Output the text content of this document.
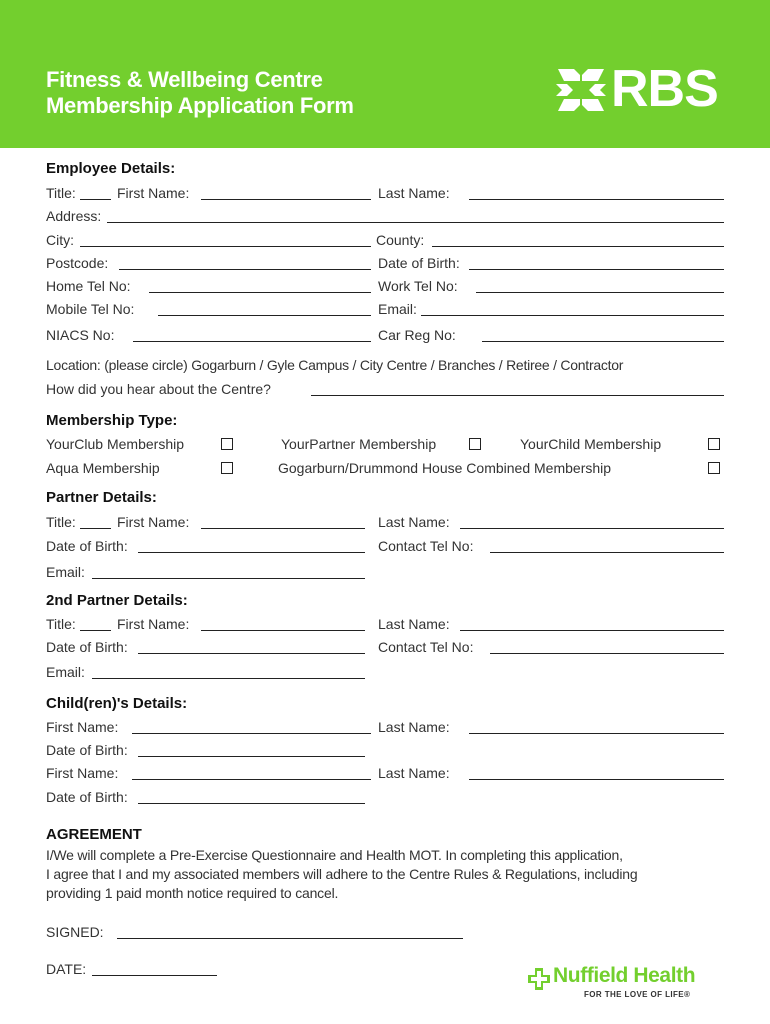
Fitness & Wellbeing Centre
Membership Application Form	RBS
Employee Details:
Title:	First Name:	Last Name:
Address:
City:	County:
Postcode:	Date of Birth:
Home Tel No:	Work Tel No:
Mobile Tel No:	Email:
NIACS No:	Car Reg No:
Location: (please circle) Gogarburn / Gyle Campus / City Centre / Branches / Retiree / Contractor
How did you hear about the Centre?
Membership Type:
YourClub Membership	YourPartner Membership	YourChild Membership
Aqua Membership	Gogarburn/Drummond House Combined Membership
Partner Details:
Title:	First Name:	Last Name:
Date of Birth:	Contact Tel No:
Email:
2nd Partner Details:
Title:	First Name:	Last Name:
Date of Birth:	Contact Tel No:
Email:
Child(ren)'s Details:
First Name:	Last Name:
Date of Birth:
First Name:	Last Name:
Date of Birth:
AGREEMENT
I/We will complete a Pre-Exercise Questionnaire and Health MOT. In completing this application,
I agree that I and my associated members will adhere to the Centre Rules & Regulations, including
providing 1 paid month notice required to cancel.
SIGNED:
DATE:	Nuffield Health
FOR THE LOVE OF LIFE®
